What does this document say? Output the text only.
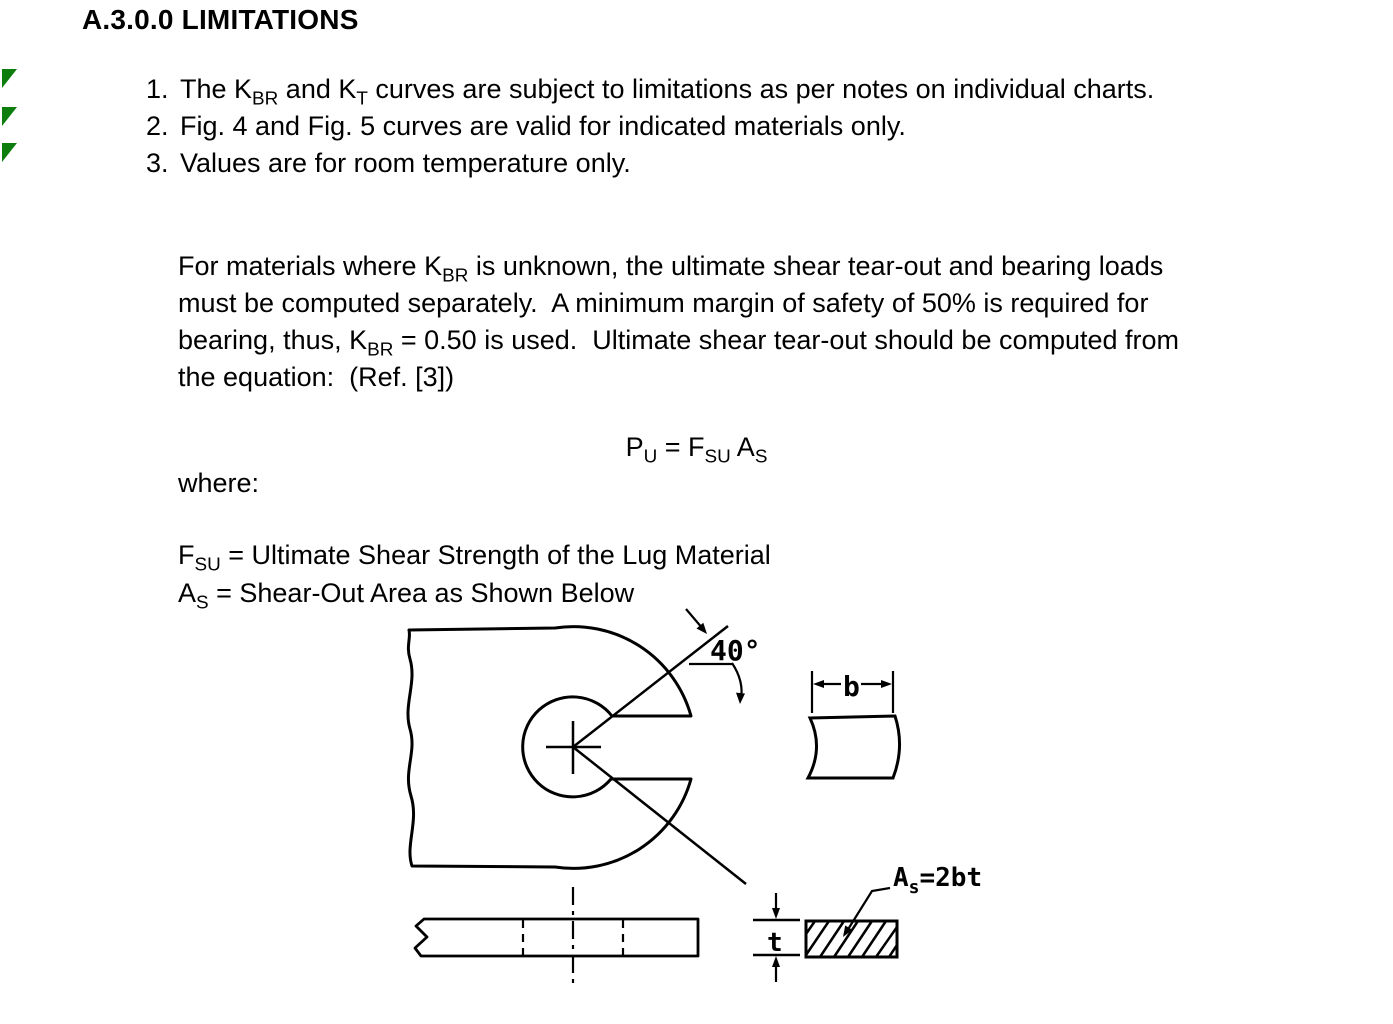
A.3.0.0 LIMITATIONS
1. The $K_{BR}$ and $K_T$ curves are subject to limitations as per notes on individual charts.
2. Fig. 4 and Fig. 5 curves are valid for indicated materials only.
3. Values are for room temperature only.
For materials where $K_{BR}$ is unknown, the ultimate shear tear-out and bearing loads
must be computed separately.  A minimum margin of safety of 50% is required for
bearing, thus, $K_{BR} = 0.50$ is used.  Ultimate shear tear-out should be computed from
the equation:  (Ref. [3])
$P_U = F_{SU}$ $A_S$
where:
$F_{SU}$ = Ultimate Shear Strength of the Lug Material
$A_S$ = Shear-Out Area as Shown Below
40°
b
t
$A_s=2bt$
